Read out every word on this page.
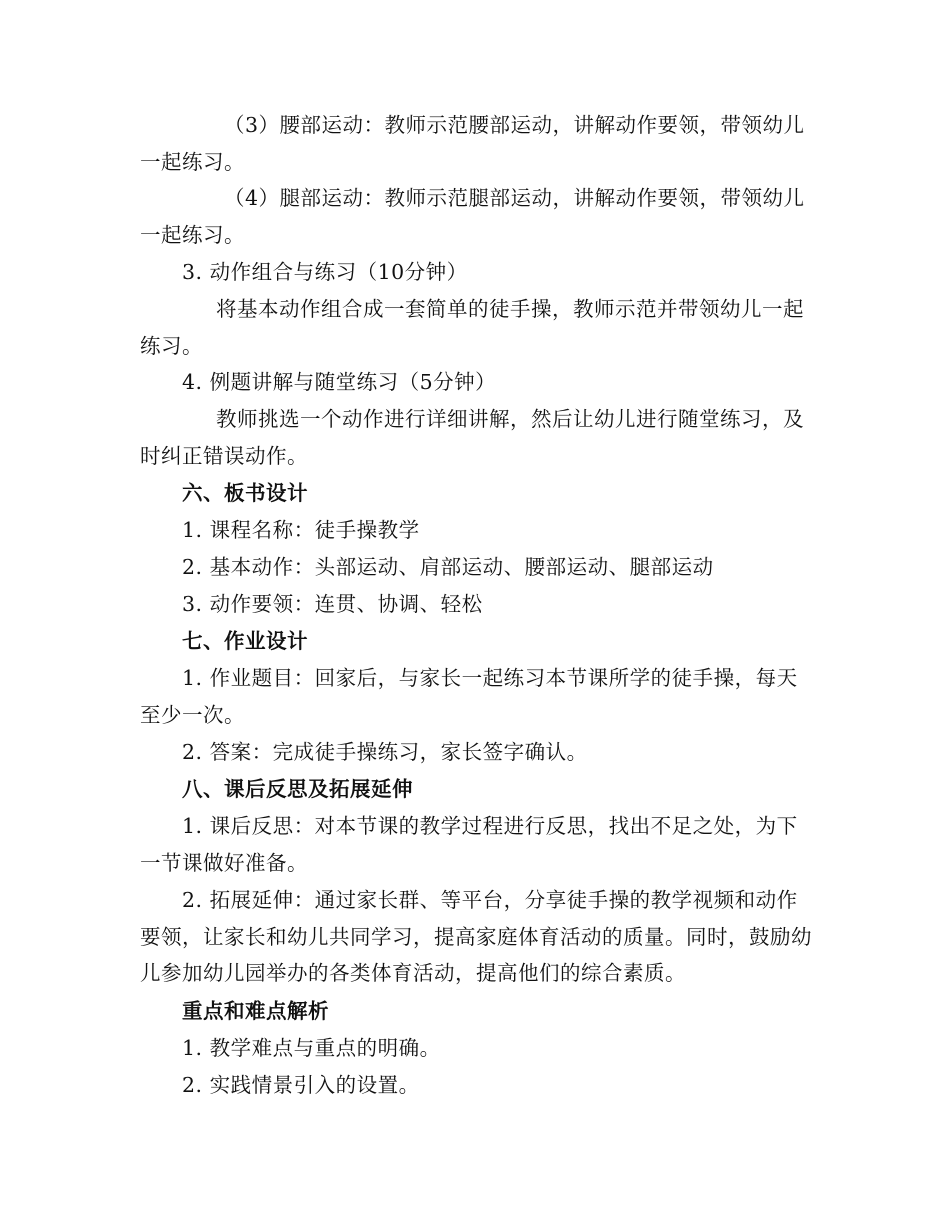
（3）腰部运动：教师示范腰部运动，讲解动作要领，带领幼儿一起练习。
（4）腿部运动：教师示范腿部运动，讲解动作要领，带领幼儿一起练习。
3. 动作组合与练习（10分钟）
将基本动作组合成一套简单的徒手操，教师示范并带领幼儿一起练习。
4. 例题讲解与随堂练习（5分钟）
教师挑选一个动作进行详细讲解，然后让幼儿进行随堂练习，及时纠正错误动作。
六、板书设计
1. 课程名称：徒手操教学
2. 基本动作：头部运动、肩部运动、腰部运动、腿部运动
3. 动作要领：连贯、协调、轻松
七、作业设计
1. 作业题目：回家后，与家长一起练习本节课所学的徒手操，每天至少一次。
2. 答案：完成徒手操练习，家长签字确认。
八、课后反思及拓展延伸
1. 课后反思：对本节课的教学过程进行反思，找出不足之处，为下一节课做好准备。
2. 拓展延伸：通过家长群、等平台，分享徒手操的教学视频和动作要领，让家长和幼儿共同学习，提高家庭体育活动的质量。同时，鼓励幼儿参加幼儿园举办的各类体育活动，提高他们的综合素质。
重点和难点解析
1. 教学难点与重点的明确。
2. 实践情景引入的设置。
